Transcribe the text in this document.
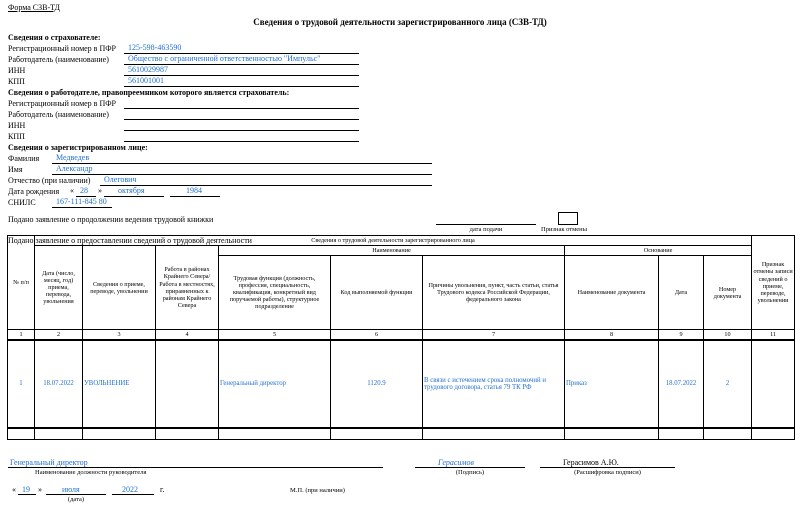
Форма СЗВ-ТД
Сведения о трудовой деятельности зарегистрированного лица (СЗВ-ТД)
Сведения о страхователе:
Регистрационный номер в ПФР 125-598-463590
Работодатель (наименование) Общество с ограниченной ответственностью "Импульс"
ИНН	5610029987
КПП	561001001
Сведения о работодателе, правопреемником которого является страхователь:
Регистрационный номер в ПФР
Работодатель (наименование)
ИНН
КПП
Сведения о зарегистрированном лице:
Фамилия Медведев
Имя	Александр
Отчество (при наличии) Олегович
Дата рождения « 28 » октября	1984
СНИЛС	167-111-845 80
Подано заявление о продолжении ведения трудовой книжки
дата подачи	Признак отмены
№ п/п	Сведения о трудовой деятельности зарегистрированного лица									Признак отмены записи сведений о приеме, переводе, увольнении
	Дата (число, месяц, год) приема, перевода, увольнения	Сведения о приеме, переводе, увольнении	Работа в районах Крайнего Севера/Работа в местностях, приравненных к районам Крайнего Севера	Наименование			Основание			
				Трудовая функция (должность, профессия, специальность, квалификация, конкретный вид поручаемой работы), структурное подразделение	Код выполняемой функции	Причины увольнения, пункт, часть статьи, статья Трудового кодекса Российской Федерации, федерального закона	Наименование документа	Дата	Номер документа	
1	2	3	4	5	6	7	8	9	10	11
1	18.07.2022	УВОЛЬНЕНИЕ		Генеральный директор	1120.9	В связи с истечением срока полномочий и трудового договора, статья 79 ТК РФ	Приказ	18.07.2022	2	

Генеральный директор
Наименование должности руководителя
Герасимов
(Подпись)
Герасимов А.Ю.
(Расшифровка подписи)
« 19 »	июля
(дата)
2022	г.	М.П. (при наличии)
Подано заявление о предоставлении сведений о трудовой деятельности
